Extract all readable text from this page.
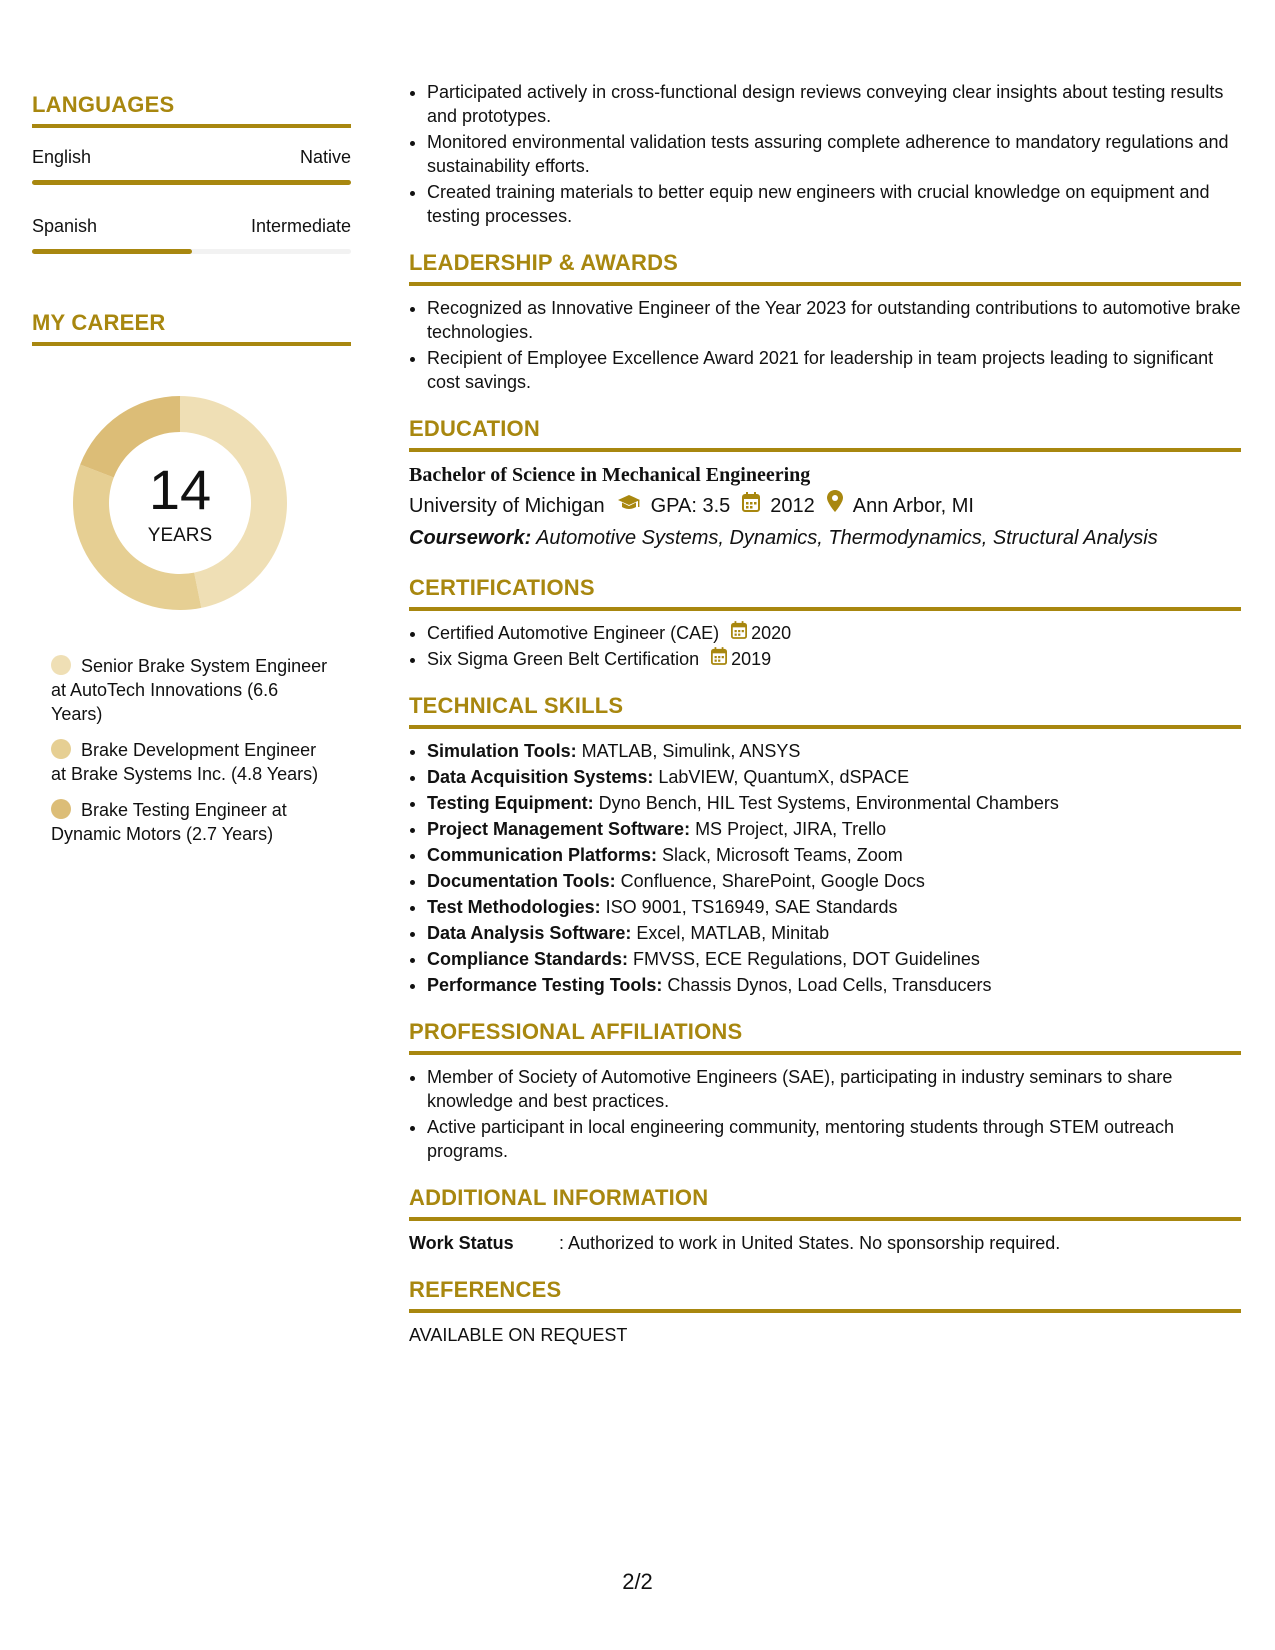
LANGUAGES
English	Native
Spanish	Intermediate
MY CAREER
14
YEARS
Senior Brake System Engineer at AutoTech Innovations (6.6 Years)
Brake Development Engineer at Brake Systems Inc. (4.8 Years)
Brake Testing Engineer at Dynamic Motors (2.7 Years)
• Participated actively in cross-functional design reviews conveying clear insights about testing results and prototypes.
• Monitored environmental validation tests assuring complete adherence to mandatory regulations and sustainability efforts.
• Created training materials to better equip new engineers with crucial knowledge on equipment and testing processes.
LEADERSHIP & AWARDS
• Recognized as Innovative Engineer of the Year 2023 for outstanding contributions to automotive brake technologies.
• Recipient of Employee Excellence Award 2021 for leadership in team projects leading to significant cost savings.
EDUCATION
Bachelor of Science in Mechanical Engineering
University of Michigan GPA: 3.5 2012 Ann Arbor, MI
Coursework: Automotive Systems, Dynamics, Thermodynamics, Structural Analysis
CERTIFICATIONS
• Certified Automotive Engineer (CAE) 2020
• Six Sigma Green Belt Certification 2019
TECHNICAL SKILLS
• Simulation Tools: MATLAB, Simulink, ANSYS
• Data Acquisition Systems: LabVIEW, QuantumX, dSPACE
• Testing Equipment: Dyno Bench, HIL Test Systems, Environmental Chambers
• Project Management Software: MS Project, JIRA, Trello
• Communication Platforms: Slack, Microsoft Teams, Zoom
• Documentation Tools: Confluence, SharePoint, Google Docs
• Test Methodologies: ISO 9001, TS16949, SAE Standards
• Data Analysis Software: Excel, MATLAB, Minitab
• Compliance Standards: FMVSS, ECE Regulations, DOT Guidelines
• Performance Testing Tools: Chassis Dynos, Load Cells, Transducers
PROFESSIONAL AFFILIATIONS
• Member of Society of Automotive Engineers (SAE), participating in industry seminars to share knowledge and best practices.
• Active participant in local engineering community, mentoring students through STEM outreach programs.
ADDITIONAL INFORMATION
Work Status	: Authorized to work in United States. No sponsorship required.
REFERENCES
AVAILABLE ON REQUEST
2/2
